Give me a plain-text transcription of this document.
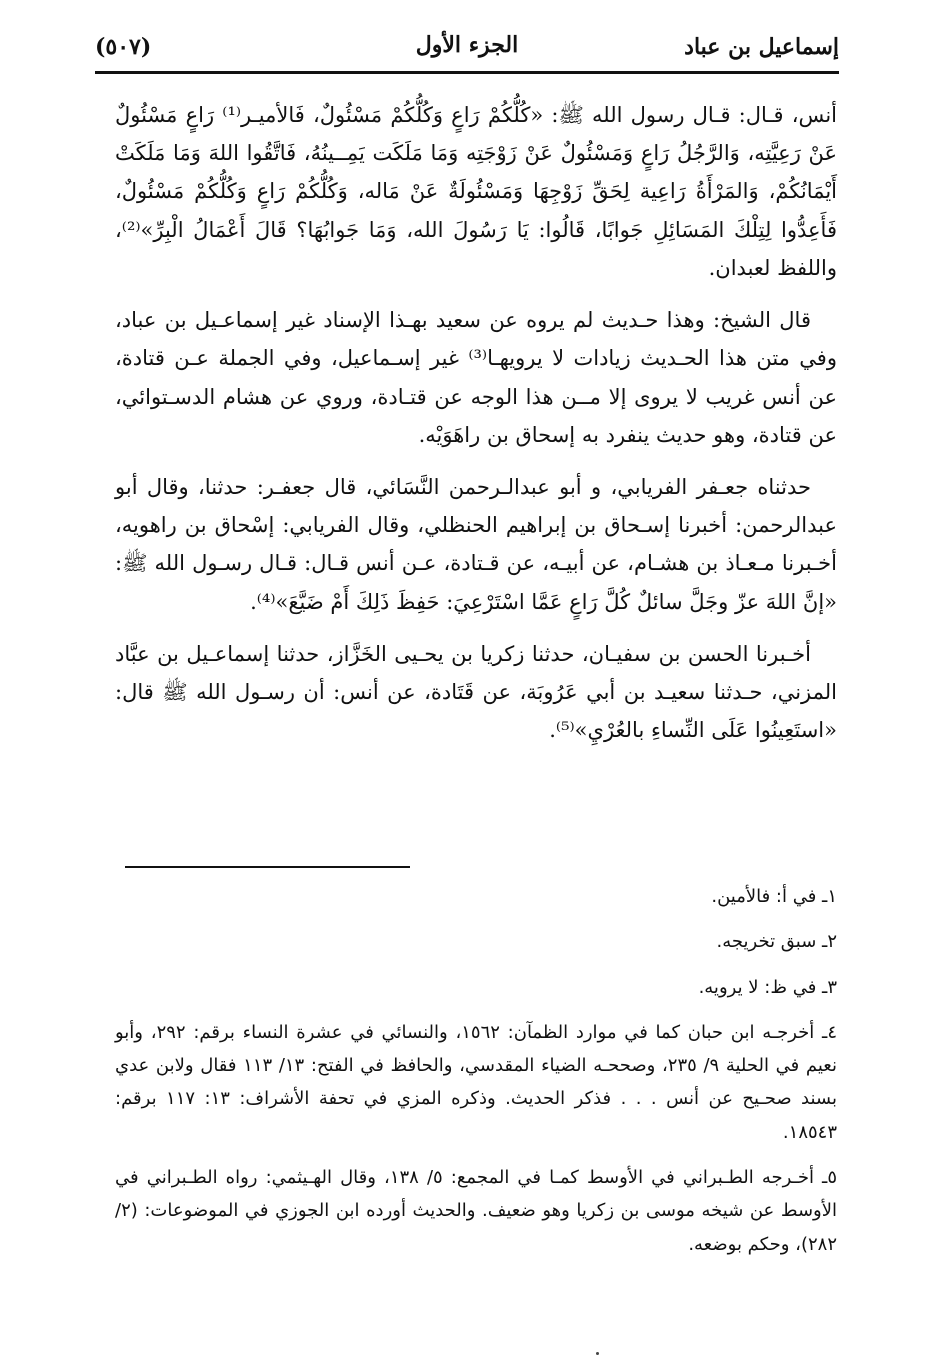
إسماعيل بن عباد
الجزء الأول
(٥٠٧)

أنس، قـال: قـال رسول الله ﷺ: «كُلُّكُمْ رَاعٍ وَكُلُّكُمْ مَسْئُولٌ، فَالأميـر⁽¹⁾ رَاعٍ مَسْئُولٌ عَنْ رَعِيَّتِه، وَالرَّجُلُ رَاعٍ وَمَسْئُولٌ عَنْ زَوْجَتِه وَمَا مَلَكَت يَمِــينُهُ، فَاتَّقُوا اللهَ وَمَا مَلَكَتْ أَيْمَانُكُمْ، وَالمَرْأَةُ رَاعِية لِحَقِّ زَوْجِهَا وَمَسْئُولَةٌ عَنْ مَاله، وَكُلُّكُمْ رَاعٍ وَكُلُّكُمْ مَسْئُولٌ، فَأَعِدُّوا لِتِلْكَ المَسَائِلِ جَوابًا، قَالُوا: يَا رَسُولَ الله، وَمَا جَوابُهَا؟ قَالَ أَعْمَالُ الْبِرِّ»⁽²⁾، واللفظ لعبدان.

قال الشيخ: وهذا حـديث لم يروه عن سعيد بهـذا الإسناد غير إسماعـيل بن عباد، وفي متن هذا الحـديث زيادات لا يرويهـا⁽³⁾ غير إسـماعيل، وفي الجملة عـن قتادة، عن أنس غريب لا يروى إلا مــن هذا الوجه عن قتـادة، وروي عن هشام الدسـتوائي، عن قتادة، وهو حديث ينفرد به إسحاق بن راهَوَيْه.

حدثناه جعـفر الفريابي، و أبو عبدالـرحمن النَّسَائي، قال جعفـر: حدثنا، وقال أبو عبدالرحمن: أخبرنا إسـحاق بن إبراهيم الحنظلي، وقال الفريابي: إسْحاق بن راهويه، أخـبرنا مـعـاذ بن هشـام، عن أبيـه، عن قـتادة، عـن أنس قـال: قـال رسـول الله ﷺ: «إنَّ اللهَ عزّ وجَلَّ سائلٌ كُلَّ رَاعٍ عَمَّا اسْتَرْعِيَ: حَفِظَ ذَلِكَ أَمْ ضَيَّعَ»⁽⁴⁾.

أخـبرنا الحسن بن سفيـان، حدثنا زكريا بن يحـيى الخَزَّاز، حدثنا إسماعـيل بن عبَّاد المزني، حـدثنا سعيـد بن أبي عَرُوبَة، عن قَتَادة، عن أنس: أن رسـول الله ﷺ قال: «استَعِينُوا عَلَى النِّساءِ بالعُرْيِ»⁽⁵⁾.

١ـ في أ: فالأمين.

٢ـ سبق تخريجه.

٣ـ في ظ: لا يرويه.

٤ـ أخرجـه ابن حبان كما في موارد الظمآن: ١٥٦٢، والنسائي في عشرة النساء برقم: ٢٩٢، وأبو نعيم في الحلية ٩/ ٢٣٥، وصححـه الضياء المقدسي، والحافظ في الفتح: ١٣/ ١١٣ فقال ولابن عدي بسند صحـيح عن أنس . . . فذكر الحديث. وذكره المزي في تحفة الأشراف: ١٣: ١١٧ برقم: ١٨٥٤٣.

٥ـ أخـرجه الطـبراني في الأوسط كمـا في المجمع: ٥/ ١٣٨، وقال الهـيثمي: رواه الطـبراني في الأوسط عن شيخه موسى بن زكريا وهو ضعيف. والحديث أورده ابن الجوزي في الموضوعات: (٢/ ٢٨٢)، وحكم بوضعه.
